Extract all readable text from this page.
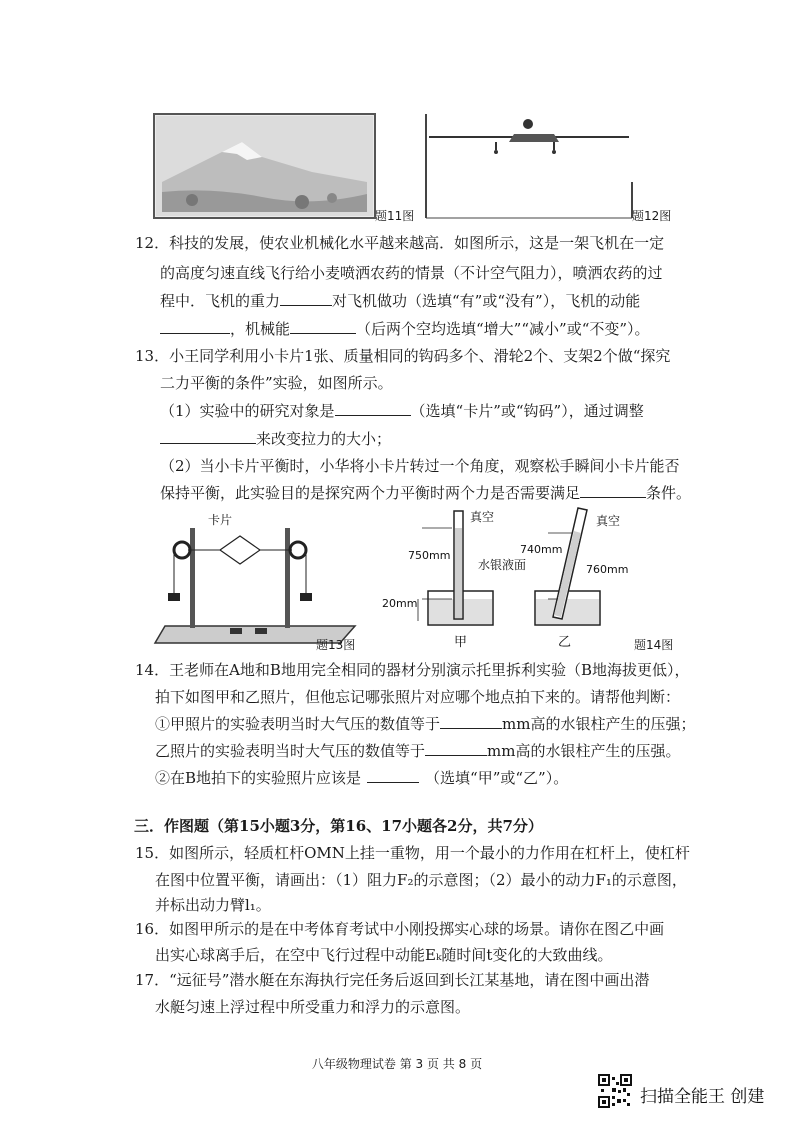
题11图	题12图
12．科技的发展，使农业机械化水平越来越高．如图所示，这是一架飞机在一定
的高度匀速直线飞行给小麦喷洒农药的情景（不计空气阻力），喷洒农药的过
程中．飞机的重力	对飞机做功（选填“有”或“没有”），飞机的动能
，机械能	（后两个空均选填“增大”“减小”或“不变”）。
13．小王同学利用小卡片1张、质量相同的钩码多个、滑轮2个、支架2个做“探究
二力平衡的条件”实验，如图所示。
（1）实验中的研究对象是	（选填“卡片”或“钩码”），通过调整
来改变拉力的大小；
（2）当小卡片平衡时，小华将小卡片转过一个角度，观察松手瞬间小卡片能否
保持平衡，此实验目的是探究两个力平衡时两个力是否需要满足	条件。
卡片
题13图
750mm
20mm
真空
水银液面
甲
740mm
760mm
真空
乙	题14图
14．王老师在A地和B地用完全相同的器材分别演示托里拆利实验（B地海拔更低），
拍下如图甲和乙照片，但他忘记哪张照片对应哪个地点拍下来的。请帮他判断：
①甲照片的实验表明当时大气压的数值等于	mm高的水银柱产生的压强；
乙照片的实验表明当时大气压的数值等于	mm高的水银柱产生的压强。
②在B地拍下的实验照片应该是	（选填“甲”或“乙”）。
三．作图题（第15小题3分，第16、17小题各2分，共7分）
15．如图所示，轻质杠杆OMN上挂一重物，用一个最小的力作用在杠杆上，使杠杆
在图中位置平衡，请画出：（1）阻力F₂的示意图；（2）最小的动力F₁的示意图，
并标出动力臂l₁。
16．如图甲所示的是在中考体育考试中小刚投掷实心球的场景。请你在图乙中画
出实心球离手后，在空中飞行过程中动能Eₖ随时间t变化的大致曲线。
17．“远征号”潜水艇在东海执行完任务后返回到长江某基地，请在图中画出潜
水艇匀速上浮过程中所受重力和浮力的示意图。
八年级物理试卷 第 3 页 共 8 页
扫描全能王 创建
